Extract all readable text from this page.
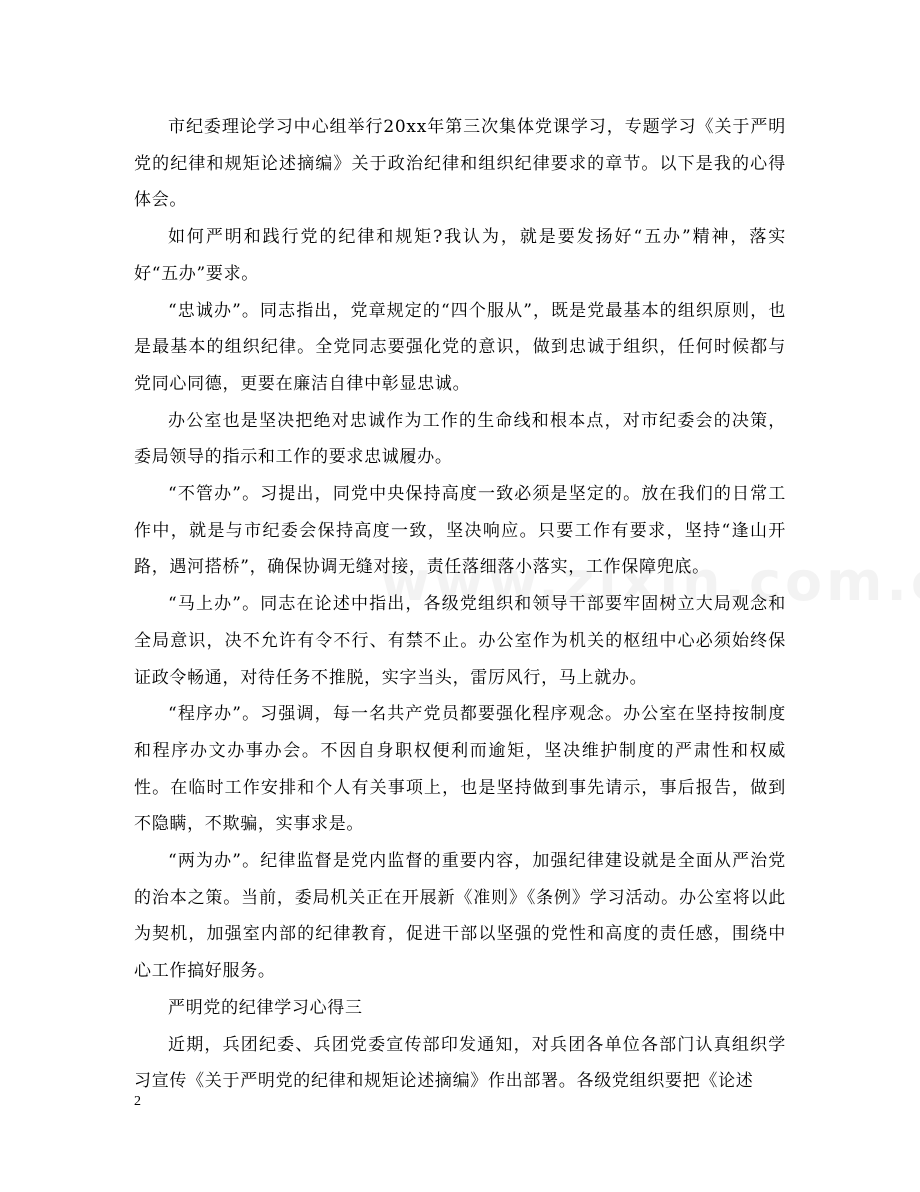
市纪委理论学习中心组举行20xx年第三次集体党课学习，专题学习《关于严明党的纪律和规矩论述摘编》关于政治纪律和组织纪律要求的章节。以下是我的心得体会。

如何严明和践行党的纪律和规矩?我认为，就是要发扬好“五办”精神，落实好“五办”要求。

“忠诚办”。同志指出，党章规定的“四个服从”，既是党最基本的组织原则，也是最基本的组织纪律。全党同志要强化党的意识，做到忠诚于组织，任何时候都与党同心同德，更要在廉洁自律中彰显忠诚。

办公室也是坚决把绝对忠诚作为工作的生命线和根本点，对市纪委会的决策，委局领导的指示和工作的要求忠诚履办。

“不管办”。习提出，同党中央保持高度一致必须是坚定的。放在我们的日常工作中，就是与市纪委会保持高度一致，坚决响应。只要工作有要求，坚持“逢山开路，遇河搭桥”，确保协调无缝对接，责任落细落小落实，工作保障兜底。

“马上办”。同志在论述中指出，各级党组织和领导干部要牢固树立大局观念和全局意识，决不允许有令不行、有禁不止。办公室作为机关的枢纽中心必须始终保证政令畅通，对待任务不推脱，实字当头，雷厉风行，马上就办。

“程序办”。习强调，每一名共产党员都要强化程序观念。办公室在坚持按制度和程序办文办事办会。不因自身职权便利而逾矩，坚决维护制度的严肃性和权威性。在临时工作安排和个人有关事项上，也是坚持做到事先请示，事后报告，做到不隐瞒，不欺骗，实事求是。

“两为办”。纪律监督是党内监督的重要内容，加强纪律建设就是全面从严治党的治本之策。当前，委局机关正在开展新《准则》《条例》学习活动。办公室将以此为契机，加强室内部的纪律教育，促进干部以坚强的党性和高度的责任感，围绕中心工作搞好服务。

严明党的纪律学习心得三

近期，兵团纪委、兵团党委宣传部印发通知，对兵团各单位各部门认真组织学习宣传《关于严明党的纪律和规矩论述摘编》作出部署。各级党组织要把《论述

2
